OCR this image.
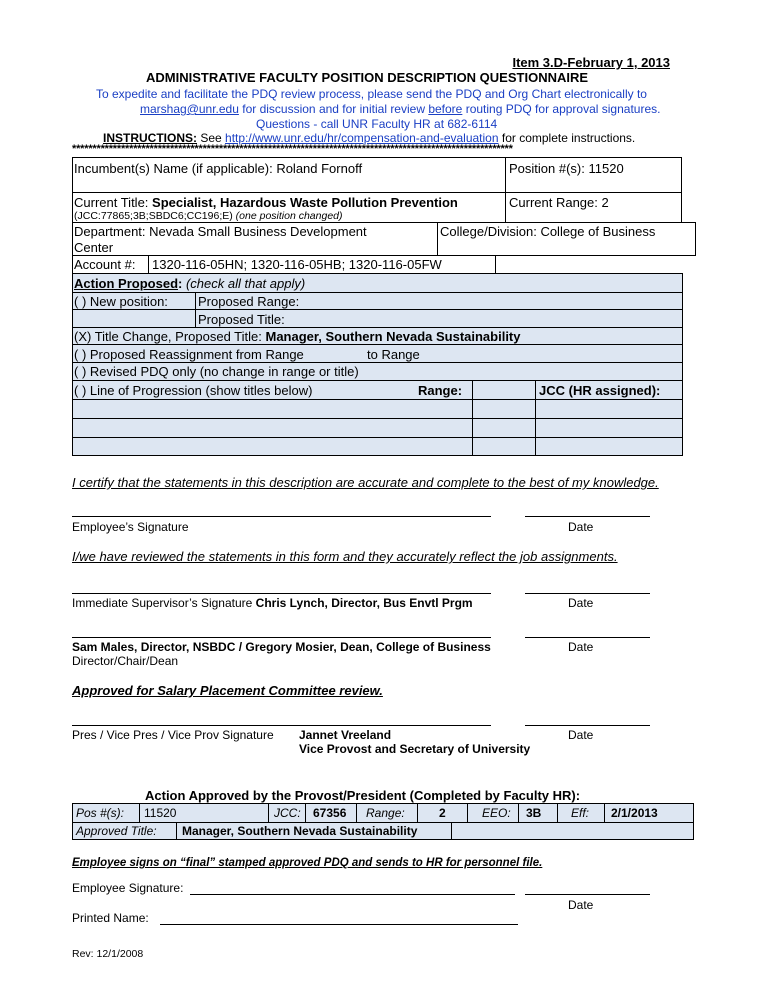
Item 3.D-February 1, 2013
ADMINISTRATIVE FACULTY POSITION DESCRIPTION QUESTIONNAIRE
To expedite and facilitate the PDQ review process, please send the PDQ and Org Chart electronically to
marshag@unr.edu for discussion and for initial review before routing PDQ for approval signatures.
Questions - call UNR Faculty HR at 682-6114
INSTRUCTIONS: See http://www.unr.edu/hr/compensation-and-evaluation for complete instructions.
************************************************************************************************************
Incumbent(s) Name (if applicable): Roland Fornoff	Position #(s): 11520
Current Title: Specialist, Hazardous Waste Pollution Prevention
(JCC:77865;3B;SBDC6;CC196;E) (one position changed)
Current Range: 2
Department: Nevada Small Business Development
Center
College/Division: College of Business
Account #: 1320-116-05HN; 1320-116-05HB; 1320-116-05FW
Action Proposed: (check all that apply)
( ) New position: Proposed Range:
Proposed Title:
(X) Title Change, Proposed Title: Manager, Southern Nevada Sustainability
( ) Proposed Reassignment from Range	to Range
( ) Revised PDQ only (no change in range or title)
( ) Line of Progression (show titles below)	Range:	JCC (HR assigned):
I certify that the statements in this description are accurate and complete to the best of my knowledge.
Employee’s Signature	Date
I/we have reviewed the statements in this form and they accurately reflect the job assignments.
Immediate Supervisor’s Signature Chris Lynch, Director, Bus Envtl Prgm	Date
Sam Males, Director, NSBDC / Gregory Mosier, Dean, College of Business
Director/Chair/Dean
Date
Approved for Salary Placement Committee review.
Pres / Vice Pres / Vice Prov Signature Jannet Vreeland
Vice Provost and Secretary of University
Date
Action Approved by the Provost/President (Completed by Faculty HR):
Pos #(s): 11520	JCC: 67356 Range:	2	EEO: 3B Eff: 2/1/2013
Approved Title: Manager, Southern Nevada Sustainability
Employee signs on “final” stamped approved PDQ and sends to HR for personnel file.
Employee Signature:
Date
Printed Name:
Rev: 12/1/2008
